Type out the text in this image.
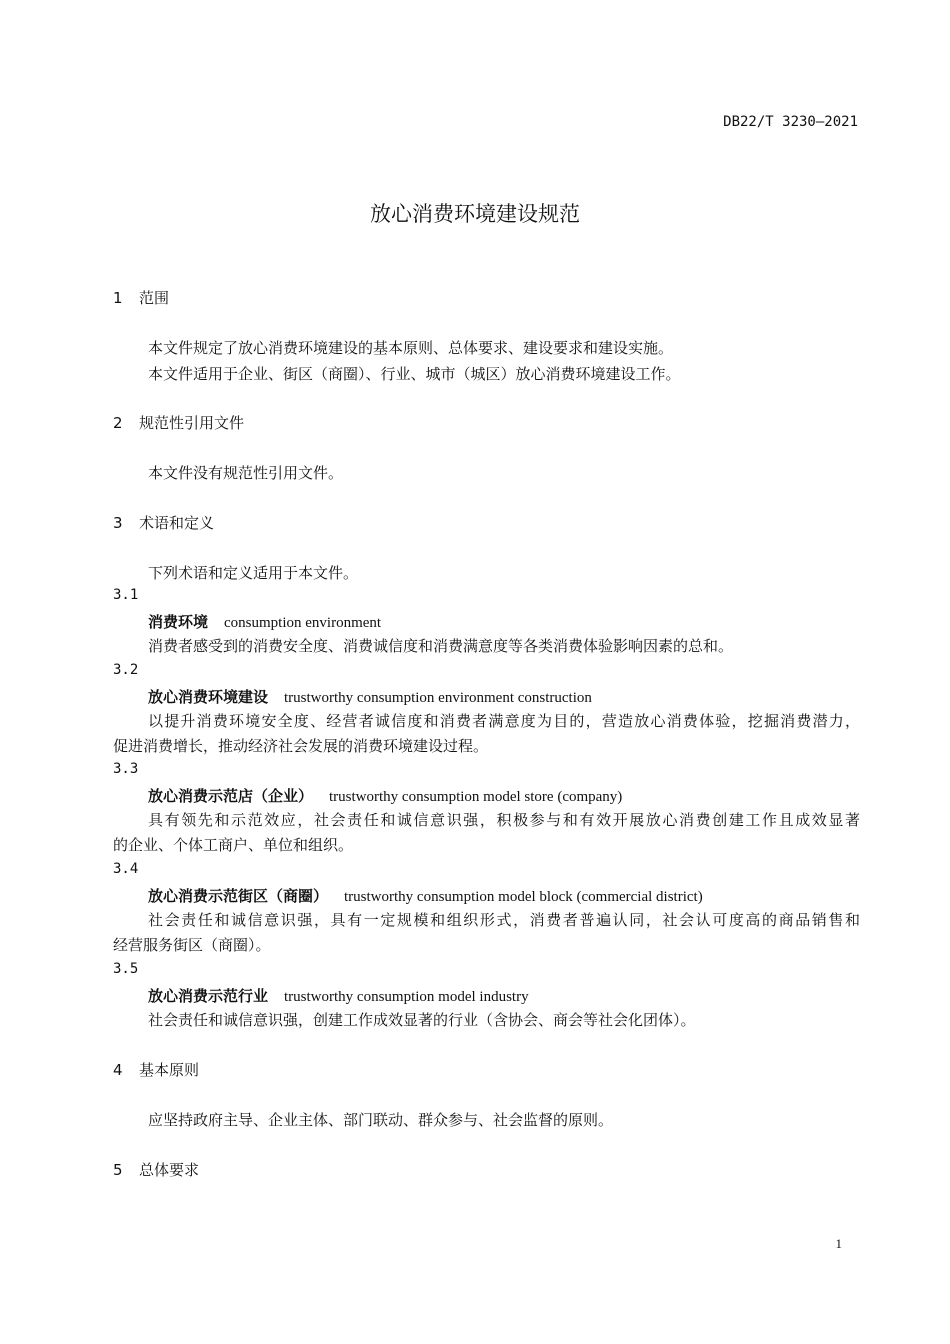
DB22/T 3230—2021
放心消费环境建设规范
1 范围
本文件规定了放心消费环境建设的基本原则、总体要求、建设要求和建设实施。
本文件适用于企业、街区（商圈）、行业、城市（城区）放心消费环境建设工作。
2 规范性引用文件
本文件没有规范性引用文件。
3 术语和定义
下列术语和定义适用于本文件。
3.1
消费环境 consumption environment
消费者感受到的消费安全度、消费诚信度和消费满意度等各类消费体验影响因素的总和。
3.2
放心消费环境建设 trustworthy consumption environment construction
以提升消费环境安全度、经营者诚信度和消费者满意度为目的，营造放心消费体验，挖掘消费潜力，
促进消费增长，推动经济社会发展的消费环境建设过程。
3.3
放心消费示范店（企业） trustworthy consumption model store (company)
具有领先和示范效应，社会责任和诚信意识强，积极参与和有效开展放心消费创建工作且成效显著
的企业、个体工商户、单位和组织。
3.4
放心消费示范街区（商圈） trustworthy consumption model block (commercial district)
社会责任和诚信意识强，具有一定规模和组织形式，消费者普遍认同，社会认可度高的商品销售和
经营服务街区（商圈）。
3.5
放心消费示范行业 trustworthy consumption model industry
社会责任和诚信意识强，创建工作成效显著的行业（含协会、商会等社会化团体）。
4 基本原则
应坚持政府主导、企业主体、部门联动、群众参与、社会监督的原则。
5 总体要求
1
